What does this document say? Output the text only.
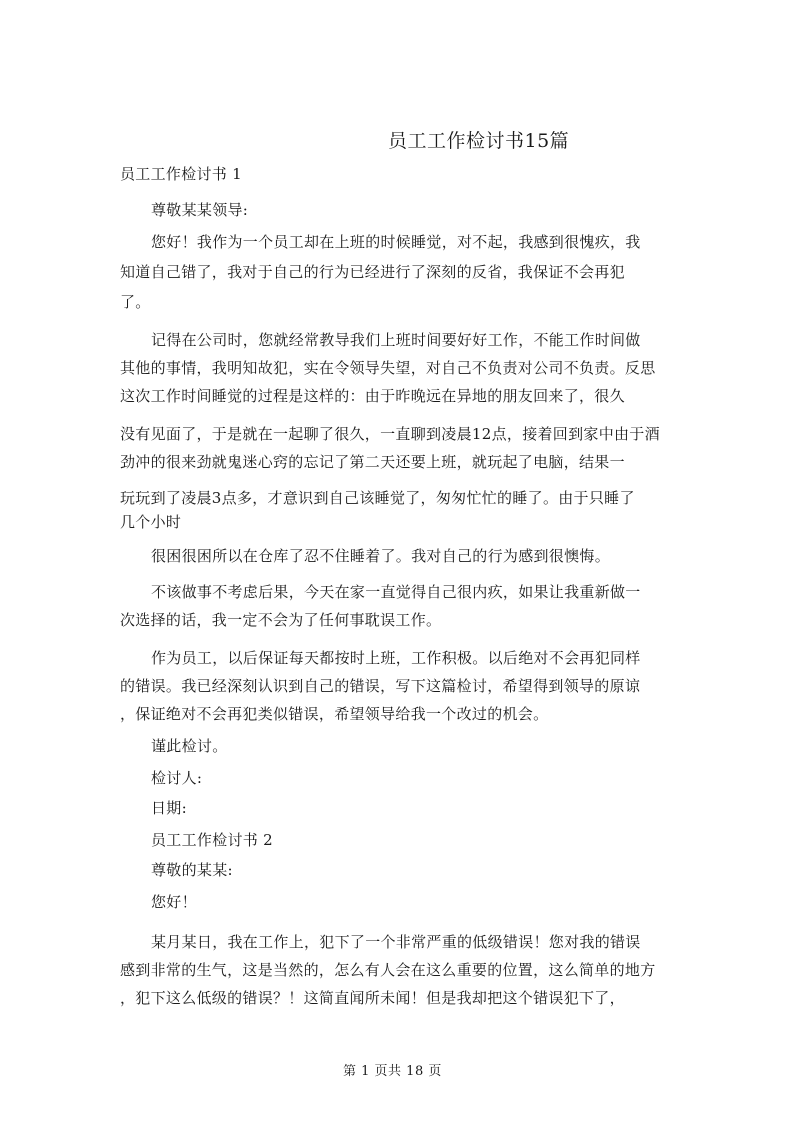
员工工作检讨书15篇
员工工作检讨书 1
尊敬某某领导:
您好！我作为一个员工却在上班的时候睡觉，对不起，我感到很愧疚，我
知道自己错了，我对于自己的行为已经进行了深刻的反省，我保证不会再犯
了。
记得在公司时，您就经常教导我们上班时间要好好工作，不能工作时间做
其他的事情，我明知故犯，实在令领导失望，对自己不负责对公司不负责。反思
这次工作时间睡觉的过程是这样的：由于昨晚远在异地的朋友回来了，很久
没有见面了，于是就在一起聊了很久，一直聊到凌晨12点，接着回到家中由于酒
劲冲的很来劲就鬼迷心窍的忘记了第二天还要上班，就玩起了电脑，结果一
玩玩到了凌晨3点多，才意识到自己该睡觉了，匆匆忙忙的睡了。由于只睡了
几个小时
很困很困所以在仓库了忍不住睡着了。我对自己的行为感到很懊悔。
不该做事不考虑后果，今天在家一直觉得自己很内疚，如果让我重新做一
次选择的话，我一定不会为了任何事耽误工作。
作为员工，以后保证每天都按时上班，工作积极。以后绝对不会再犯同样
的错误。我已经深刻认识到自己的错误，写下这篇检讨，希望得到领导的原谅
，保证绝对不会再犯类似错误，希望领导给我一个改过的机会。
谨此检讨。
检讨人:
日期:
员工工作检讨书 2
尊敬的某某:
您好！
某月某日，我在工作上，犯下了一个非常严重的低级错误！您对我的错误
感到非常的生气，这是当然的，怎么有人会在这么重要的位置，这么简单的地方
，犯下这么低级的错误？！这简直闻所未闻！但是我却把这个错误犯下了，
第 1 页共 18 页
